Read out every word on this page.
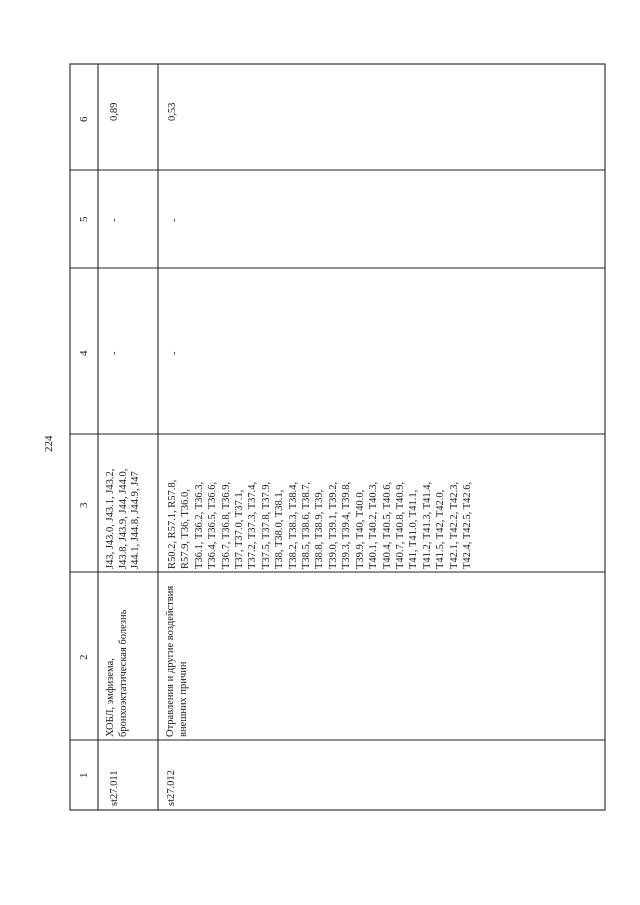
224
1
2
3
4
5
6
st27.011
ХОБЛ, эмфизема, бронхоэктатическая болезнь
J43, J43.0, J43.1, J43.2, J43.8, J43.9, J44, J44.0, J44.1, J44.8, J44.9, J47
-
-
0,89
st27.012
Отравления и другие воздействия внешних причин
R50.2, R57.1, R57.8, R57.9, T36, T36.0, T36.1, T36.2, T36.3, T36.4, T36.5, T36.6, T36.7, T36.8, T36.9, T37, T37.0, T37.1, T37.2, T37.3, T37.4, T37.5, T37.8, T37.9, T38, T38.0, T38.1, T38.2, T38.3, T38.4, T38.5, T38.6, T38.7, T38.8, T38.9, T39, T39.0, T39.1, T39.2, T39.3, T39.4, T39.8, T39.9, T40, T40.0, T40.1, T40.2, T40.3, T40.4, T40.5, T40.6, T40.7, T40.8, T40.9, T41, T41.0, T41.1, T41.2, T41.3, T41.4, T41.5, T42, T42.0, T42.1, T42.2, T42.3, T42.4, T42.5, T42.6,
-
-
0,53
